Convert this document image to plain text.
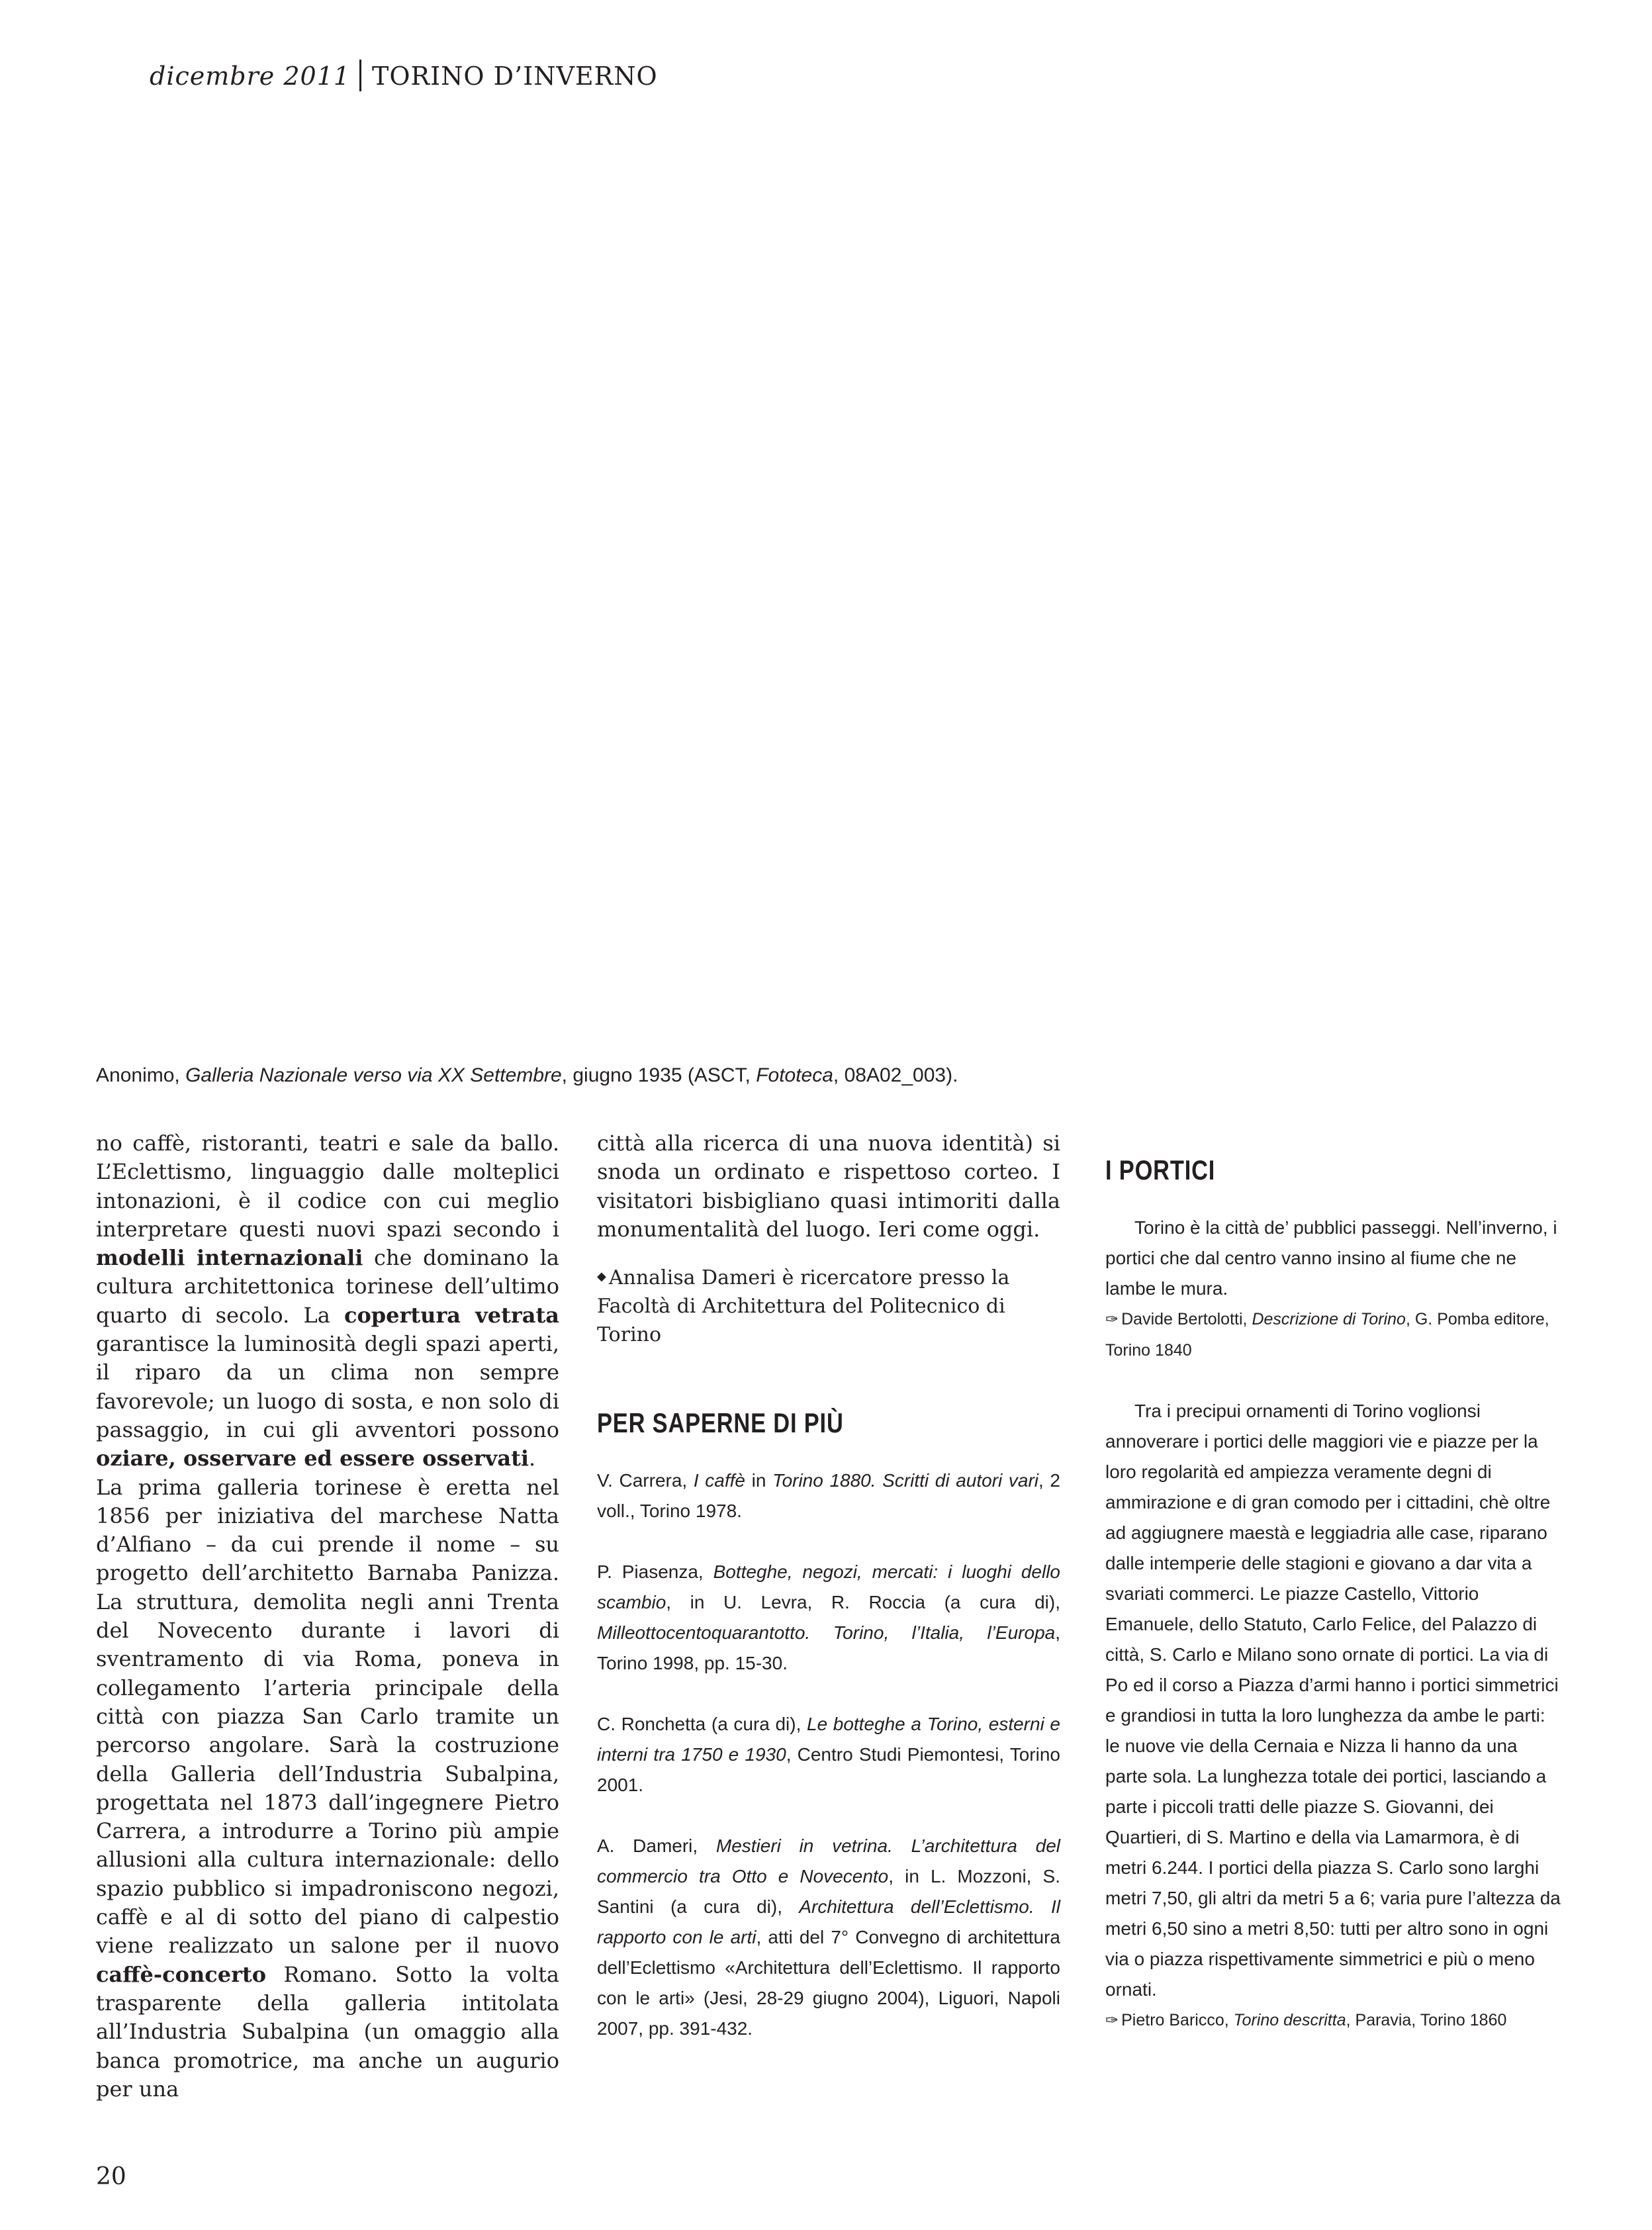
dicembre 2011 TORINO D’INVERNO
Anonimo, Galleria Nazionale verso via XX Settembre, giugno 1935 (ASCT, Fototeca, 08A02_003).
no caffè, ristoranti, teatri e sale da ballo. L’Eclettismo, linguaggio dalle molteplici intonazioni, è il codice con cui meglio interpretare questi nuovi spazi secondo i modelli internazionali che dominano la cultura architettonica torinese dell’ultimo quarto di secolo. La copertura vetrata garantisce la luminosità degli spazi aperti, il riparo da un clima non sempre favorevole; un luogo di sosta, e non solo di passaggio, in cui gli avventori possono oziare, osservare ed essere osservati.
La prima galleria torinese è eretta nel 1856 per iniziativa del marchese Natta d’Alfiano – da cui prende il nome – su progetto dell’architetto Barnaba Panizza. La struttura, demolita negli anni Trenta del Novecento durante i lavori di sventramento di via Roma, poneva in collegamento l’arteria principale della città con piazza San Carlo tramite un percorso angolare. Sarà la costruzione della Galleria dell’Industria Subalpina, progettata nel 1873 dall’ingegnere Pietro Carrera, a introdurre a Torino più ampie allusioni alla cultura internazionale: dello spazio pubblico si impadroniscono negozi, caffè e al di sotto del piano di calpestio viene realizzato un salone per il nuovo caffè-concerto Romano. Sotto la volta trasparente della galleria intitolata all’Industria Subalpina (un omaggio alla banca promotrice, ma anche un augurio per una
città alla ricerca di una nuova identità) si snoda un ordinato e rispettoso corteo. I visitatori bisbigliano quasi intimoriti dalla monumentalità del luogo. Ieri come oggi.
◆ Annalisa Dameri è ricercatore presso la Facoltà di Architettura del Politecnico di Torino
PER SAPERNE DI PIÙ

V. Carrera, I caffè in Torino 1880. Scritti di autori vari, 2 voll., Torino 1978.

P. Piasenza, Botteghe, negozi, mercati: i luoghi dello scambio, in U. Levra, R. Roccia (a cura di), Milleottocentoquarantotto. Torino, l’Italia, l’Europa, Torino 1998, pp. 15-30.

C. Ronchetta (a cura di), Le botteghe a Torino, esterni e interni tra 1750 e 1930, Centro Studi Piemontesi, Torino 2001.

A. Dameri, Mestieri in vetrina. L’architettura del commercio tra Otto e Novecento, in L. Mozzoni, S. Santini (a cura di), Architettura dell’Eclettismo. Il rapporto con le arti, atti del 7° Convegno di architettura dell’Eclettismo «Architettura dell’Eclettismo. Il rapporto con le arti» (Jesi, 28-29 giugno 2004), Liguori, Napoli 2007, pp. 391-432.

I PORTICI

Torino è la città de’ pubblici passeggi. Nell’inverno, i portici che dal centro vanno insino al fiume che ne lambe le mura.

✑ Davide Bertolotti, Descrizione di Torino, G. Pomba editore, Torino 1840

Tra i precipui ornamenti di Torino voglionsi annoverare i portici delle maggiori vie e piazze per la loro regolarità ed ampiezza veramente degni di ammirazione e di gran comodo per i cittadini, chè oltre ad aggiugnere maestà e leggiadria alle case, riparano dalle intemperie delle stagioni e giovano a dar vita a svariati commerci. Le piazze Castello, Vittorio Emanuele, dello Statuto, Carlo Felice, del Palazzo di città, S. Carlo e Milano sono ornate di portici. La via di Po ed il corso a Piazza d’armi hanno i portici simmetrici e grandiosi in tutta la loro lunghezza da ambe le parti: le nuove vie della Cernaia e Nizza li hanno da una parte sola. La lunghezza totale dei portici, lasciando a parte i piccoli tratti delle piazze S. Giovanni, dei Quartieri, di S. Martino e della via Lamarmora, è di metri 6.244. I portici della piazza S. Carlo sono larghi metri 7,50, gli altri da metri 5 a 6; varia pure l’altezza da metri 6,50 sino a metri 8,50: tutti per altro sono in ogni via o piazza rispettivamente simmetrici e più o meno ornati.

✑ Pietro Baricco, Torino descritta, Paravia, Torino 1860

20
